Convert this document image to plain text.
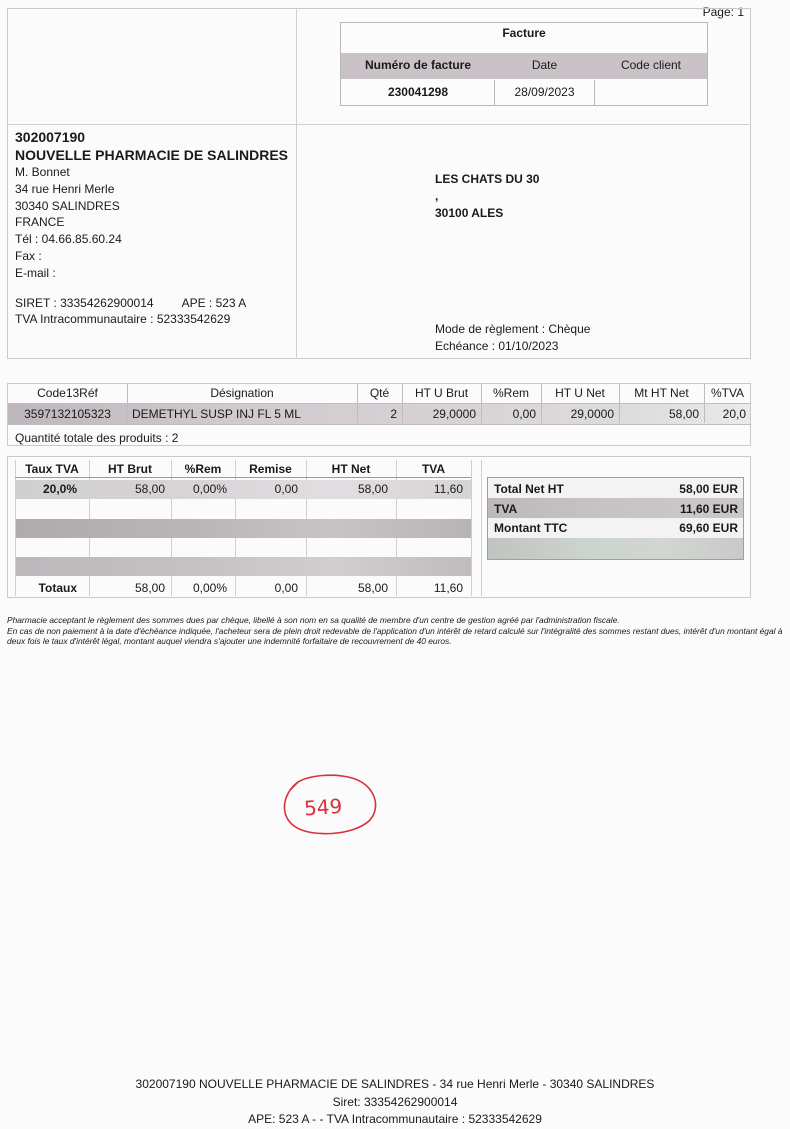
Page: 1
Facture
Numéro de facture	Date	Code client
230041298	28/09/2023
302007190
NOUVELLE PHARMACIE DE SALINDRES
M. Bonnet
34 rue Henri Merle
30340 SALINDRES
FRANCE
Tél : 04.66.85.60.24
Fax :
E-mail :
SIRET : 33354262900014 APE : 523 A
TVA Intracommunautaire : 52333542629
LES CHATS DU 30
,
30100 ALES
Mode de règlement : Chèque
Echéance : 01/10/2023
Code13Réf	Désignation	Qté	HT U Brut	%Rem	HT U Net	Mt HT Net	%TVA
3597132105323	DEMETHYL SUSP INJ FL 5 ML	2	29,0000	0,00	29,0000	58,00	20,0
Quantité totale des produits : 2
Taux TVA	HT Brut	%Rem	Remise	HT Net	TVA
20,0%	58,00	0,00%	0,00	58,00	11,60
Totaux	58,00	0,00%	0,00	58,00	11,60
Total Net HT	58,00 EUR
TVA	11,60 EUR
Montant TTC	69,60 EUR
Pharmacie acceptant le règlement des sommes dues par chèque, libellé à son nom en sa qualité de membre d'un centre de gestion agréé par l'administration fiscale.
En cas de non paiement à la date d'échéance indiquée, l'acheteur sera de plein droit redevable de l'application d'un intérêt de retard calculé sur l'intégralité des sommes restant dues, intérêt d'un montant égal à deux fois le taux d'intérêt légal, montant auquel viendra s'ajouter une indemnité forfaitaire de recouvrement de 40 euros.
549
302007190 NOUVELLE PHARMACIE DE SALINDRES - 34 rue Henri Merle - 30340 SALINDRES
Siret: 33354262900014
APE: 523 A - - TVA Intracommunautaire : 52333542629
